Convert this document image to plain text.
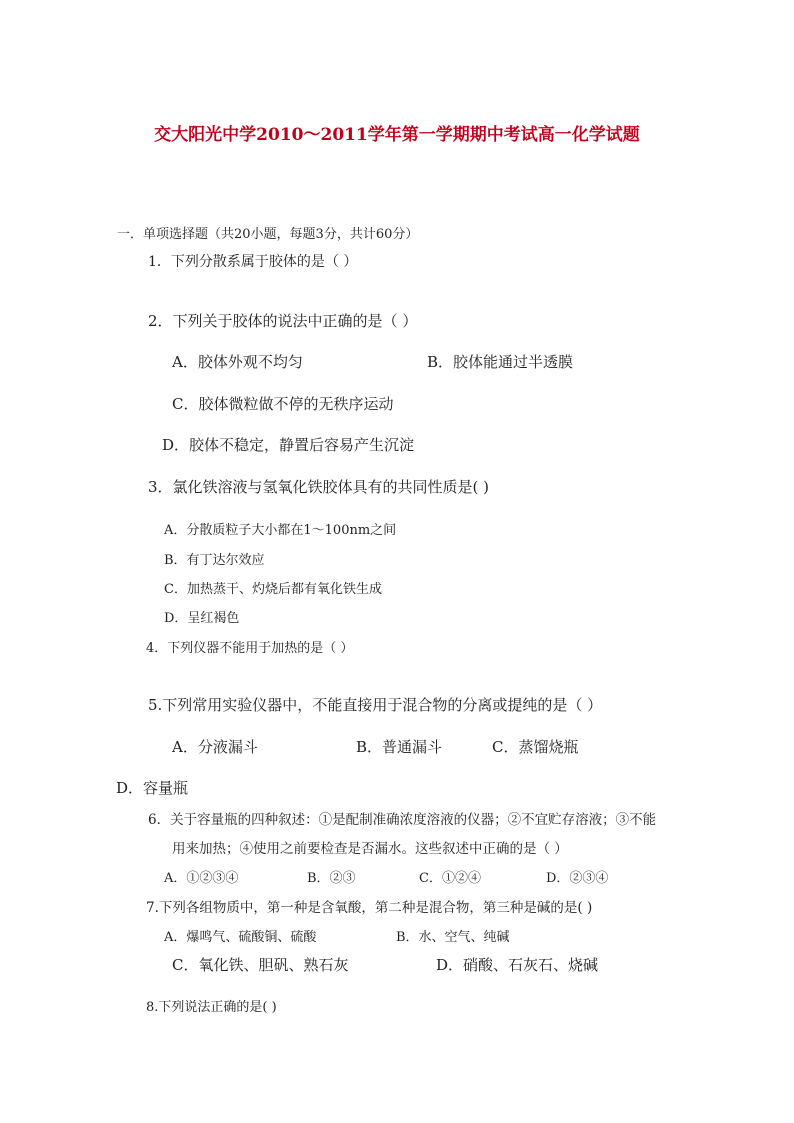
交大阳光中学2010～2011学年第一学期期中考试高一化学试题
一．单项选择题（共20小题，每题3分，共计60分）
1．下列分散系属于胶体的是（ ）
2．下列关于胶体的说法中正确的是（ ）
A．胶体外观不均匀	B．胶体能通过半透膜
C．胶体微粒做不停的无秩序运动
D．胶体不稳定，静置后容易产生沉淀
3．氯化铁溶液与氢氧化铁胶体具有的共同性质是( )
A．分散质粒子大小都在1～100nm之间
B．有丁达尔效应
C．加热蒸干、灼烧后都有氧化铁生成
D．呈红褐色
4．下列仪器不能用于加热的是（ ）
5.下列常用实验仪器中，不能直接用于混合物的分离或提纯的是（ ）
A．分液漏斗	B．普通漏斗	C．蒸馏烧瓶
D．容量瓶
6．关于容量瓶的四种叙述：①是配制准确浓度溶液的仪器；②不宜贮存溶液；③不能
用来加热；④使用之前要检查是否漏水。这些叙述中正确的是（ ）
A．①②③④	B．②③	C．①②④	D．②③④
7.下列各组物质中，第一种是含氧酸，第二种是混合物，第三种是碱的是( )
A．爆鸣气、硫酸铜、硫酸	B．水、空气、纯碱
C．氧化铁、胆矾、熟石灰	D．硝酸、石灰石、烧碱
8.下列说法正确的是( )
